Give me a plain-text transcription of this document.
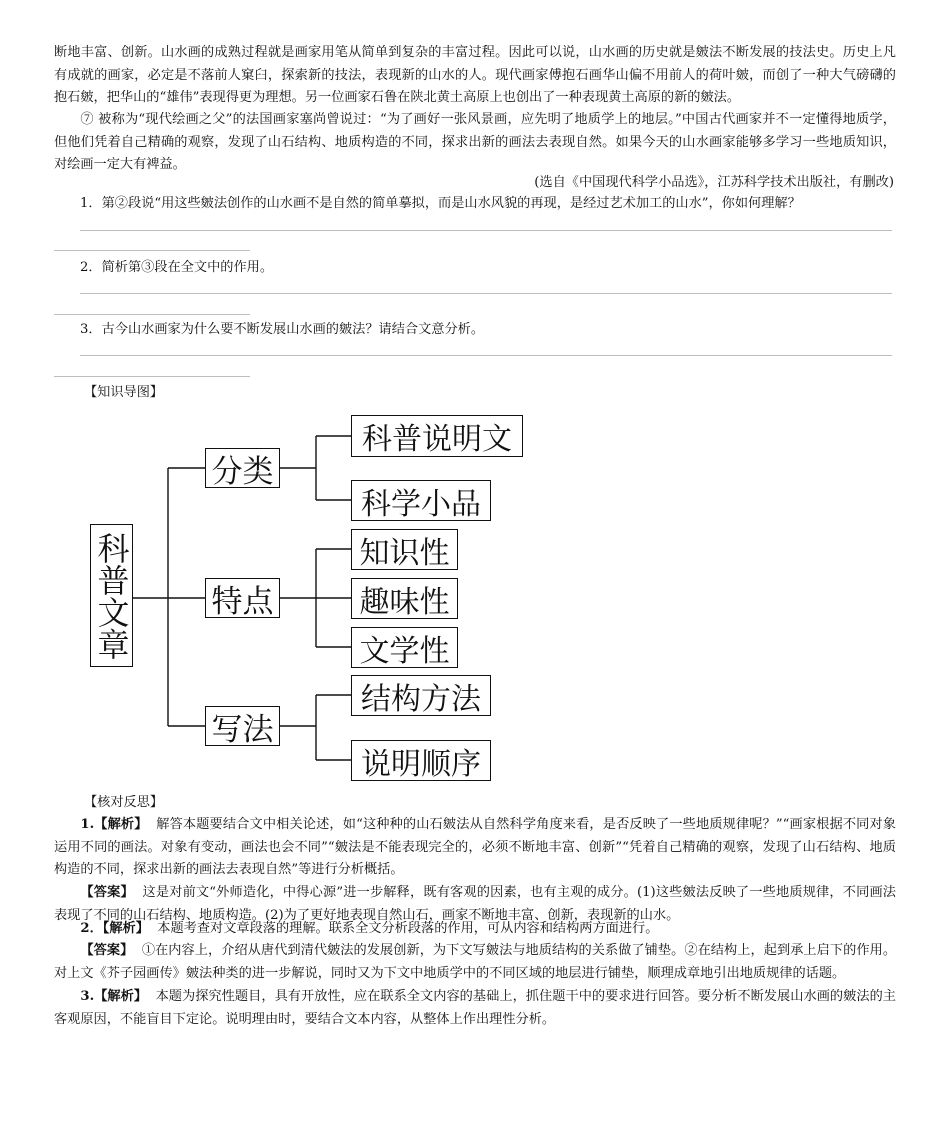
断地丰富、创新。山水画的成熟过程就是画家用笔从简单到复杂的丰富过程。因此可以说，山水画的历史就是皴法不断发展的技法史。历史上凡有成就的画家，必定是不落前人窠臼，探索新的技法，表现新的山水的人。现代画家傅抱石画华山偏不用前人的荷叶皴，而创了一种大气磅礴的抱石皴，把华山的“雄伟”表现得更为理想。另一位画家石鲁在陕北黄土高原上也创出了一种表现黄土高原的新的皴法。

⑦ 被称为“现代绘画之父”的法国画家塞尚曾说过：“为了画好一张风景画，应先明了地质学上的地层。”中国古代画家并不一定懂得地质学，但他们凭着自己精确的观察，发现了山石结构、地质构造的不同，探求出新的画法去表现自然。如果今天的山水画家能够多学习一些地质知识，对绘画一定大有裨益。

(选自《中国现代科学小品选》，江苏科学技术出版社，有删改)

1．第②段说“用这些皴法创作的山水画不是自然的简单摹拟，而是山水风貌的再现，是经过艺术加工的山水”，你如何理解？

2．简析第③段在全文中的作用。

3．古今山水画家为什么要不断发展山水画的皴法？请结合文意分析。

【知识导图】
科普文章
分类
特点
写法
科普说明文
科学小品
知识性
趣味性
文学性
结构方法
说明顺序
【核对反思】

1.【解析】 解答本题要结合文中相关论述，如“这种种的山石皴法从自然科学角度来看，是否反映了一些地质规律呢？”“画家根据不同对象运用不同的画法。对象有变动，画法也会不同”“皴法是不能表现完全的，必须不断地丰富、创新”“凭着自己精确的观察，发现了山石结构、地质构造的不同，探求出新的画法去表现自然”等进行分析概括。

【答案】 这是对前文“外师造化，中得心源”进一步解释，既有客观的因素，也有主观的成分。(1)这些皴法反映了一些地质规律，不同画法表现了不同的山石结构、地质构造。(2)为了更好地表现自然山石，画家不断地丰富、创新，表现新的山水。

2．【解析】 本题考查对文章段落的理解。联系全文分析段落的作用，可从内容和结构两方面进行。

【答案】 ①在内容上，介绍从唐代到清代皴法的发展创新，为下文写皴法与地质结构的关系做了铺垫。②在结构上，起到承上启下的作用。对上文《芥子园画传》皴法种类的进一步解说，同时又为下文中地质学中的不同区域的地层进行铺垫，顺理成章地引出地质规律的话题。

3.【解析】 本题为探究性题目，具有开放性，应在联系全文内容的基础上，抓住题干中的要求进行回答。要分析不断发展山水画的皴法的主客观原因，不能盲目下定论。说明理由时，要结合文本内容，从整体上作出理性分析。
